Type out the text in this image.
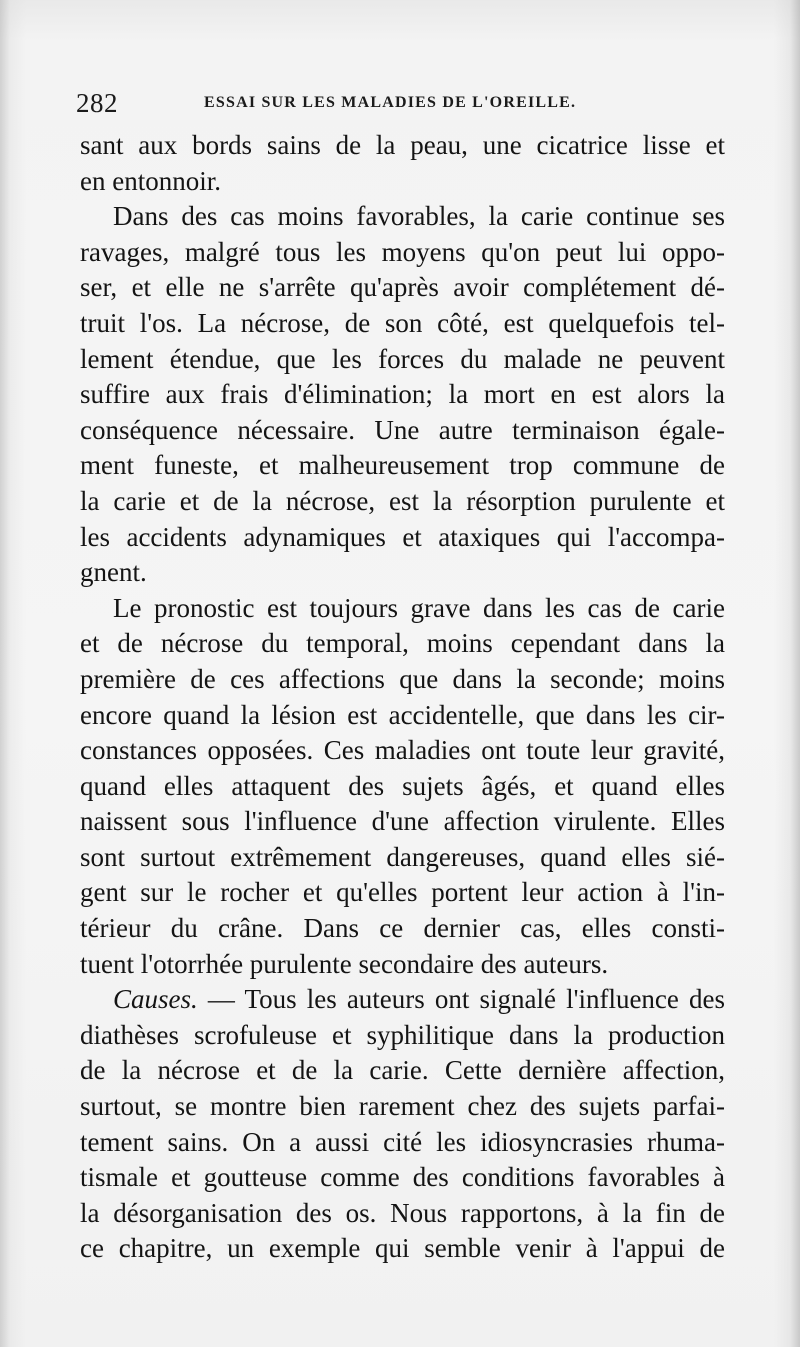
282	ESSAI SUR LES MALADIES DE L'OREILLE.
sant aux bords sains de la peau, une cicatrice lisse et
en entonnoir.
Dans des cas moins favorables, la carie continue ses
ravages, malgré tous les moyens qu'on peut lui oppo-
ser, et elle ne s'arrête qu'après avoir complétement dé-
truit l'os. La nécrose, de son côté, est quelquefois tel-
lement étendue, que les forces du malade ne peuvent
suffire aux frais d'élimination; la mort en est alors la
conséquence nécessaire. Une autre terminaison égale-
ment funeste, et malheureusement trop commune de
la carie et de la nécrose, est la résorption purulente et
les accidents adynamiques et ataxiques qui l'accompa-
gnent.
Le pronostic est toujours grave dans les cas de carie
et de nécrose du temporal, moins cependant dans la
première de ces affections que dans la seconde; moins
encore quand la lésion est accidentelle, que dans les cir-
constances opposées. Ces maladies ont toute leur gravité,
quand elles attaquent des sujets âgés, et quand elles
naissent sous l'influence d'une affection virulente. Elles
sont surtout extrêmement dangereuses, quand elles sié-
gent sur le rocher et qu'elles portent leur action à l'in-
térieur du crâne. Dans ce dernier cas, elles consti-
tuent l'otorrhée purulente secondaire des auteurs.
Causes. — Tous les auteurs ont signalé l'influence des
diathèses scrofuleuse et syphilitique dans la production
de la nécrose et de la carie. Cette dernière affection,
surtout, se montre bien rarement chez des sujets parfai-
tement sains. On a aussi cité les idiosyncrasies rhuma-
tismale et goutteuse comme des conditions favorables à
la désorganisation des os. Nous rapportons, à la fin de
ce chapitre, un exemple qui semble venir à l'appui de
